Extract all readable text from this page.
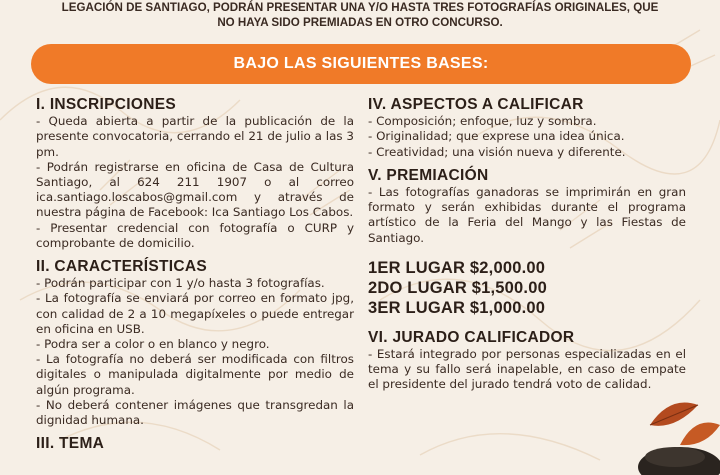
LEGACIÓN DE SANTIAGO, PODRÁN PRESENTAR UNA Y/O HASTA TRES FOTOGRAFÍAS ORIGINALES, QUE
NO HAYA SIDO PREMIADAS EN OTRO CONCURSO.
BAJO LAS SIGUIENTES BASES:
I. INSCRIPCIONES

- Queda abierta a partir de la publicación de la presente convocatoria, cerrando el 21 de julio a las 3 pm.

- Podrán registrarse en oficina de Casa de Cultura Santiago, al 624 211 1907 o al correo ica.santiago.loscabos@gmail.com y através de nuestra página de Facebook: Ica Santiago Los Cabos.

- Presentar credencial con fotografía o CURP y comprobante de domicilio.

II. CARACTERÍSTICAS

- Podrán participar con 1 y/o hasta 3 fotografías.

- La fotografía se enviará por correo en formato jpg, con calidad de 2 a 10 megapíxeles o puede entregar en oficina en USB.

- Podra ser a color o en blanco y negro.

- La fotografía no deberá ser modificada con filtros digitales o manipulada digitalmente por medio de algún programa.

- No deberá contener imágenes que transgredan la dignidad humana.

III. TEMA
IV. ASPECTOS A CALIFICAR

- Composición; enfoque, luz y sombra.

- Originalidad; que exprese una idea única.

- Creatividad; una visión nueva y diferente.

V. PREMIACIÓN

- Las fotografías ganadoras se imprimirán en gran formato y serán exhibidas durante el programa artístico de la Feria del Mango y las Fiestas de Santiago.

1ER LUGAR $2,000.00
2DO LUGAR $1,500.00
3ER LUGAR $1,000.00
VI. JURADO CALIFICADOR

- Estará integrado por personas especializadas en el tema y su fallo será inapelable, en caso de empate el presidente del jurado tendrá voto de calidad.
